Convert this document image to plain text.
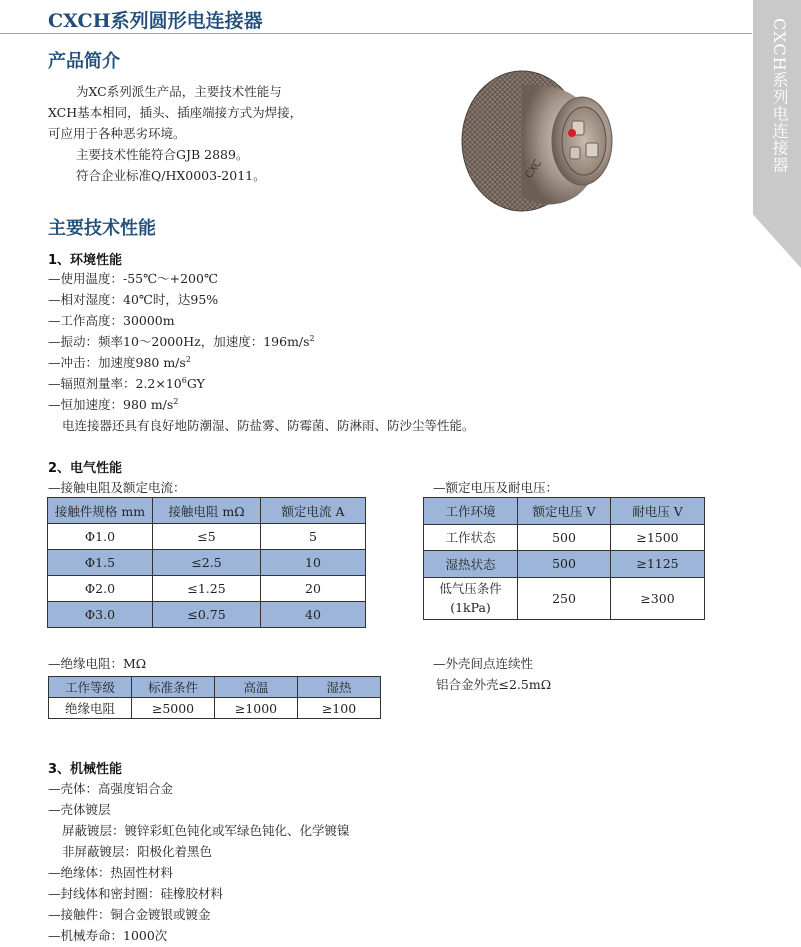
CXCH系列圆形电连接器	CXCH系列电连接器
产品简介
为XC系列派生产品，主要技术性能与
XCH基本相同，插头、插座端接方式为焊接，
可应用于各种恶劣环境。
主要技术性能符合GJB 2889。
符合企业标准Q/HX0003-2011。	CXC
主要技术性能
1、环境性能
—使用温度：-55℃～+200℃
—相对湿度：40℃时，达95%
—工作高度：30000m
—振动：频率10～2000Hz，加速度：$196m/s^2$
—冲击：加速度980 $m/s^2$
—辐照剂量率：$2.2\times 10^6GY$
—恒加速度：980 $m/s^2$
电连接器还具有良好地防潮湿、防盐雾、防霉菌、防淋雨、防沙尘等性能。
2、电气性能
—接触电阻及额定电流：	—额定电压及耐电压：
接触件规格 mm	接触电阻 mΩ	额定电流 A
Φ1.0	≤5	5
Φ1.5	≤2.5	10
Φ2.0	≤1.25	20
Φ3.0	≤0.75	40
工作环境	额定电压 V	耐电压 V
工作状态	500	≥1500
湿热状态	500	≥1125

低气压条件
(1kPa)	250	≥300
—绝缘电阻：MΩ	—外壳间点连续性
铝合金外壳≤2.5mΩ
工作等级	标准条件	高温	湿热
绝缘电阻	≥5000	≥1000	≥100
3、机械性能
—壳体：高强度铝合金
—壳体镀层
屏蔽镀层：镀锌彩虹色钝化或军绿色钝化、化学镀镍
非屏蔽镀层：阳极化着黑色
—绝缘体：热固性材料
—封线体和密封圈：硅橡胶材料
—接触件：铜合金镀银或镀金
—机械寿命：1000次
